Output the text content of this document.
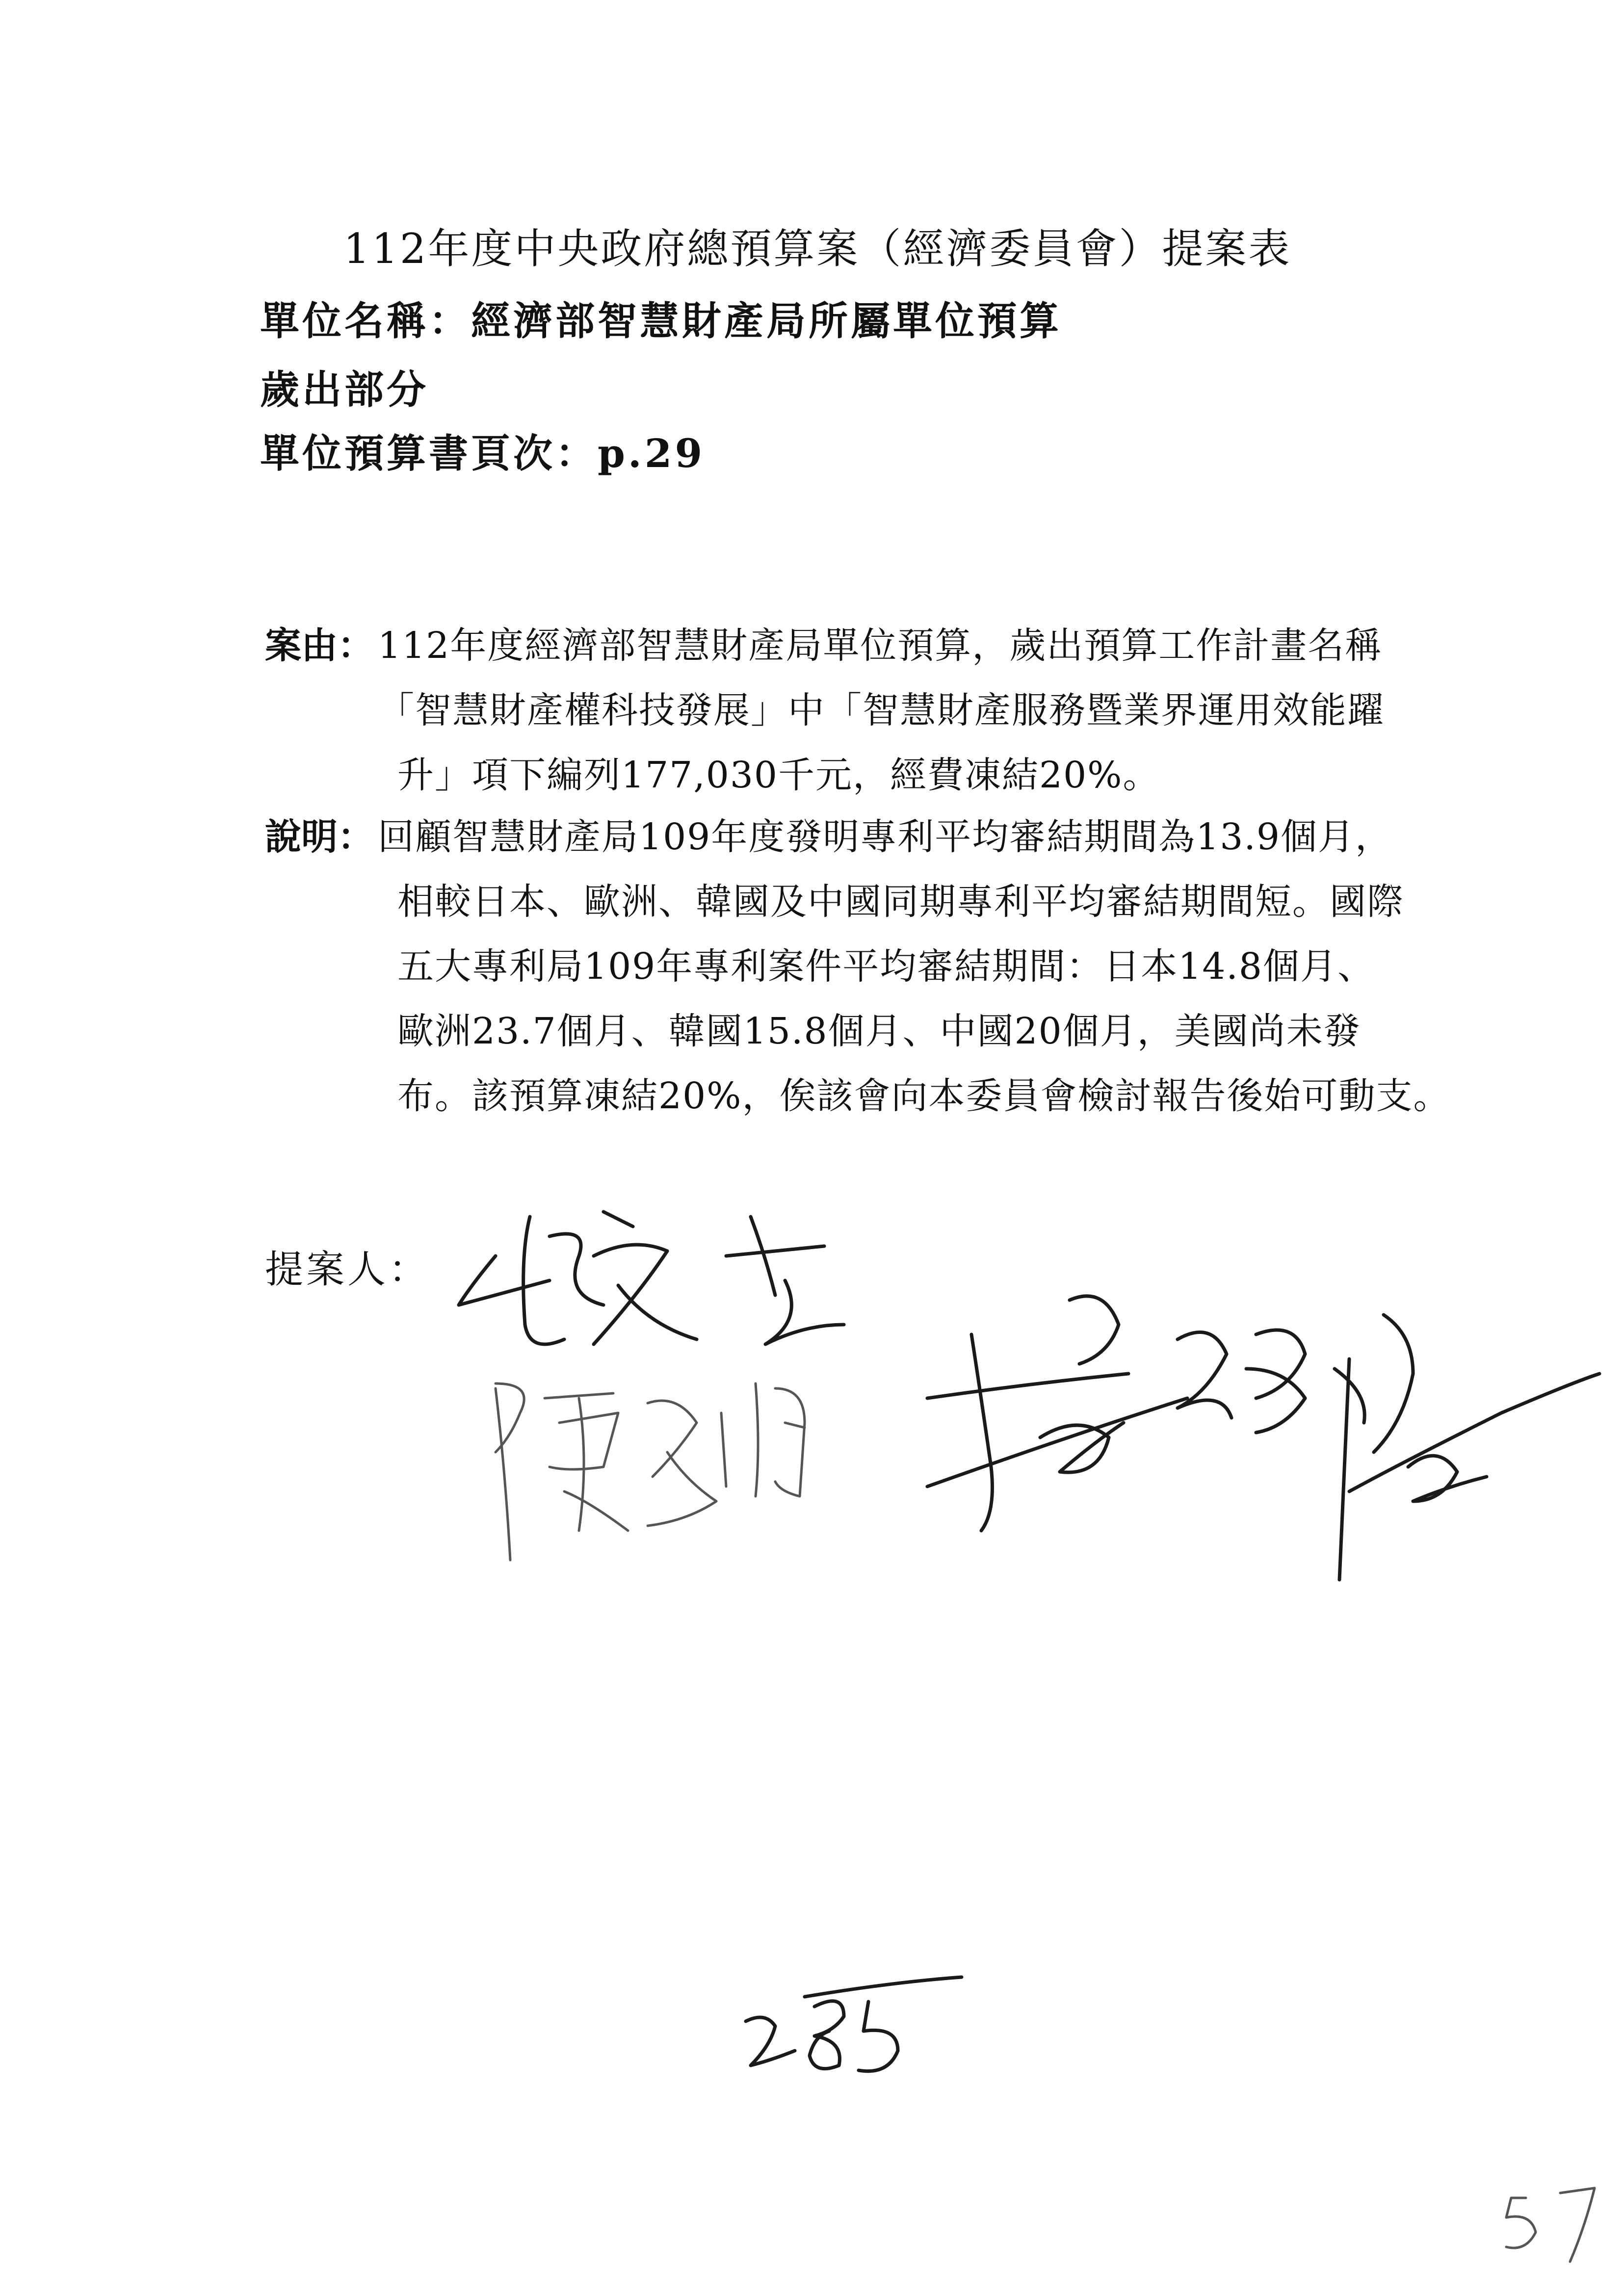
112年度中央政府總預算案（經濟委員會）提案表
單位名稱：經濟部智慧財產局所屬單位預算
歲出部分
單位預算書頁次：p.29
案由： 112年度經濟部智慧財產局單位預算，歲出預算工作計畫名稱
「智慧財產權科技發展」中「智慧財產服務暨業界運用效能躍
升」項下編列177,030千元，經費凍結20%。
說明： 回顧智慧財產局109年度發明專利平均審結期間為13.9個月，
相較日本、歐洲、韓國及中國同期專利平均審結期間短。國際
五大專利局109年專利案件平均審結期間：日本14.8個月、
歐洲23.7個月、韓國15.8個月、中國20個月，美國尚未發
布。該預算凍結20%，俟該會向本委員會檢討報告後始可動支。
提案人：
